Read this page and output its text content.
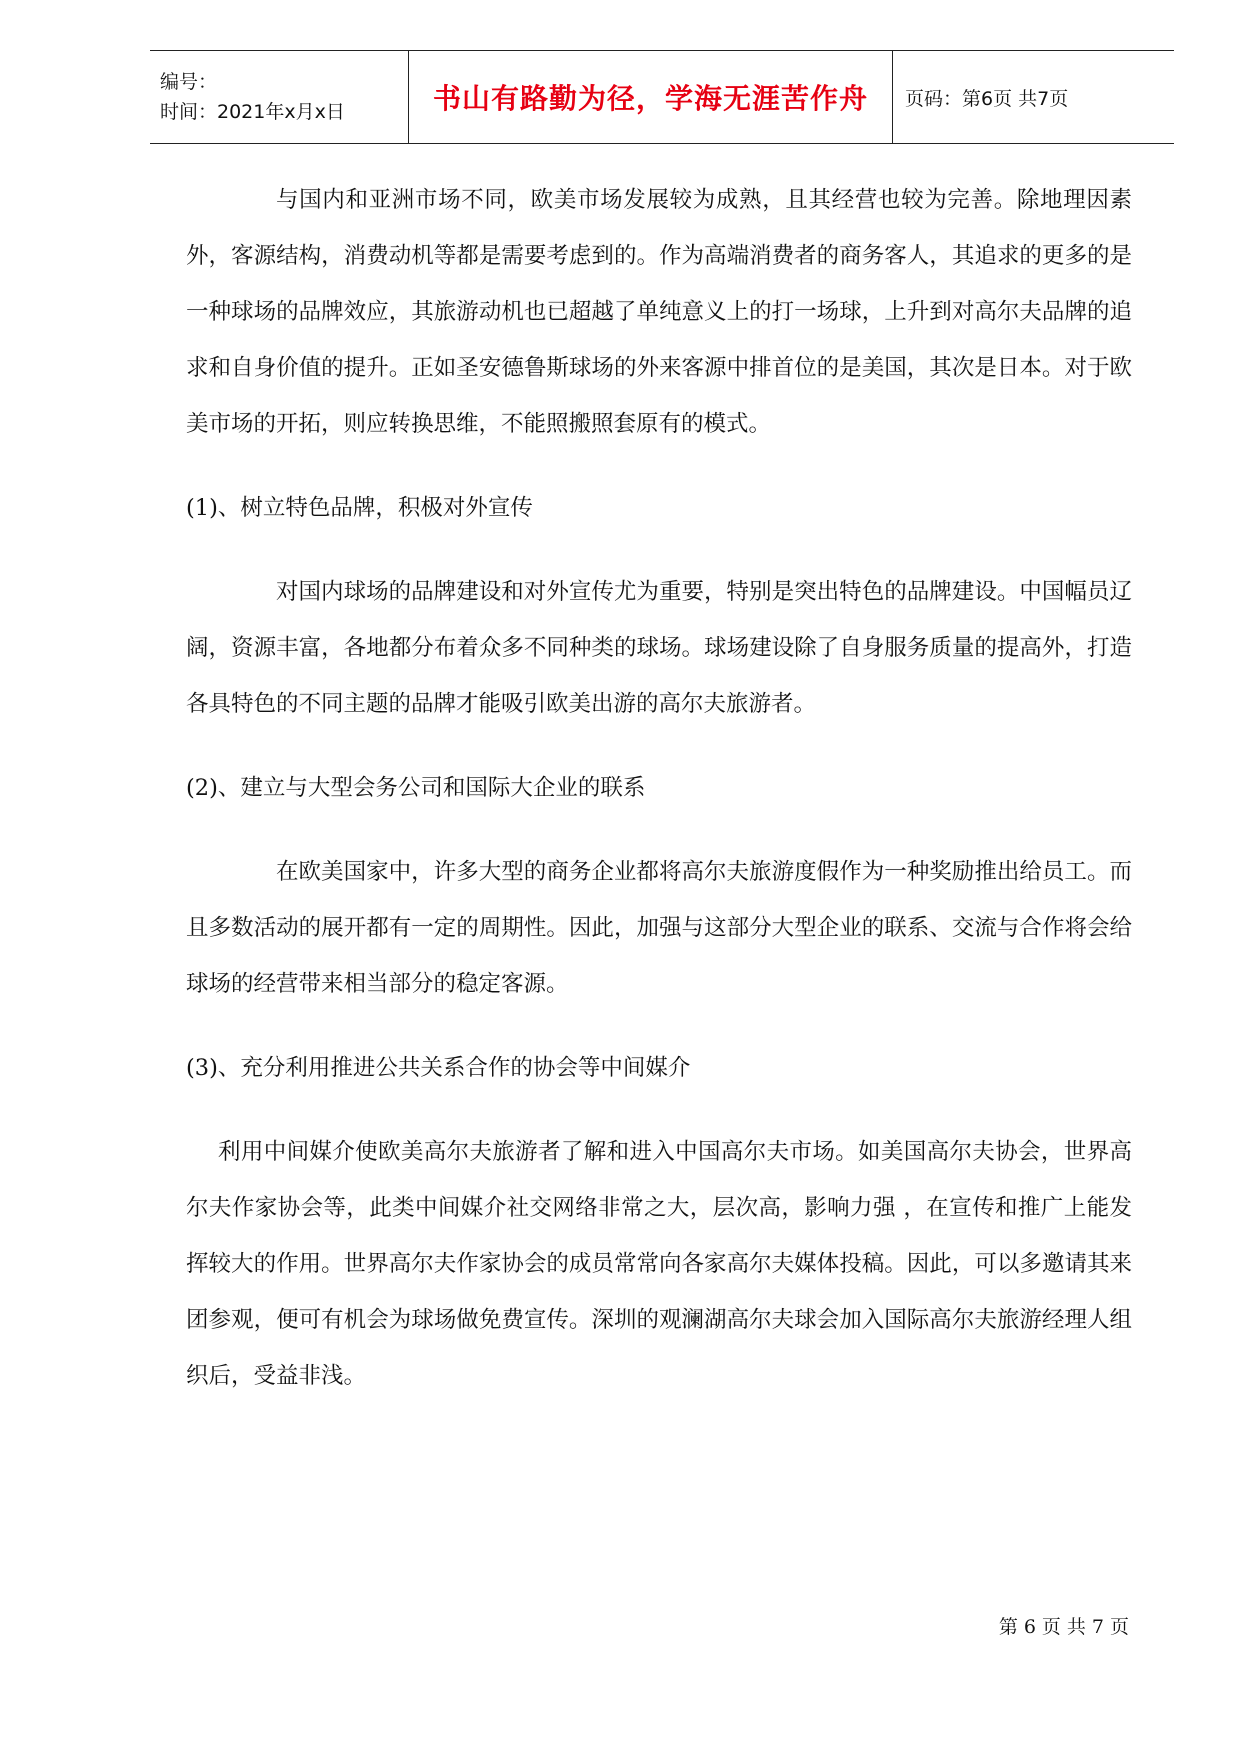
编号：
时间：2021年x月x日	书山有路勤为径，学海无涯苦作舟 页码：第6页 共7页

与国内和亚洲市场不同，欧美市场发展较为成熟，且其经营也较为完善。除地理因素外，客源结构，消费动机等都是需要考虑到的。作为高端消费者的商务客人，其追求的更多的是一种球场的品牌效应，其旅游动机也已超越了单纯意义上的打一场球，上升到对高尔夫品牌的追求和自身价值的提升。正如圣安德鲁斯球场的外来客源中排首位的是美国，其次是日本。对于欧美市场的开拓，则应转换思维，不能照搬照套原有的模式。

(1)、树立特色品牌，积极对外宣传

对国内球场的品牌建设和对外宣传尤为重要，特别是突出特色的品牌建设。中国幅员辽阔，资源丰富，各地都分布着众多不同种类的球场。球场建设除了自身服务质量的提高外，打造各具特色的不同主题的品牌才能吸引欧美出游的高尔夫旅游者。

(2)、建立与大型会务公司和国际大企业的联系

在欧美国家中，许多大型的商务企业都将高尔夫旅游度假作为一种奖励推出给员工。而且多数活动的展开都有一定的周期性。因此，加强与这部分大型企业的联系、交流与合作将会给球场的经营带来相当部分的稳定客源。

(3)、充分利用推进公共关系合作的协会等中间媒介

利用中间媒介使欧美高尔夫旅游者了解和进入中国高尔夫市场。如美国高尔夫协会，世界高尔夫作家协会等，此类中间媒介社交网络非常之大，层次高，影响力强 ，在宣传和推广上能发挥较大的作用。世界高尔夫作家协会的成员常常向各家高尔夫媒体投稿。因此，可以多邀请其来团参观，便可有机会为球场做免费宣传。深圳的观澜湖高尔夫球会加入国际高尔夫旅游经理人组织后，受益非浅。

第6页共7页
